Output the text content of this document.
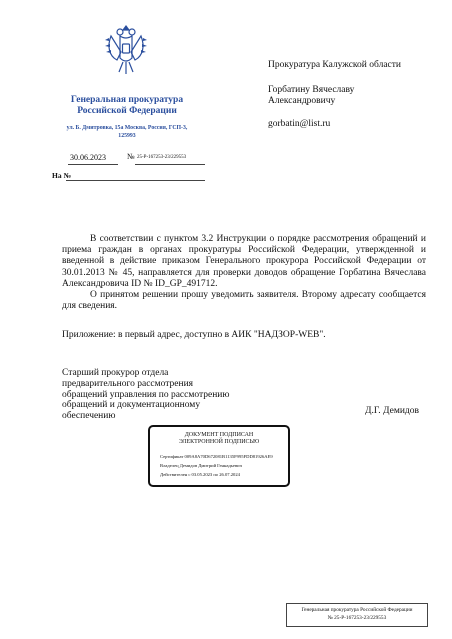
Генеральная прокуратура Российской Федерации
ул. Б. Дмитровка, 15а Москва, Россия, ГСП-3, 125993
30.06.2023	№ 25-Р-167253-23/229553
На №
Прокуратура Калужской области
Горбатину Вячеславу
Александровичу
gorbatin@list.ru

В соответствии с пунктом 3.2 Инструкции о порядке рассмотрения обращений и приема граждан в органах прокуратуры Российской Федерации, утвержденной и введенной в действие приказом Генерального прокурора Российской Федерации от 30.01.2013 № 45, направляется для проверки доводов обращение Горбатина Вячеслава Александровича ID № ID_GP_491712.

О принятом решении прошу уведомить заявителя. Второму адресату сообщается для сведения.

Приложение: в первый адрес, доступно в АИК "НАДЗОР-WEB".
Старший прокурор отдела
предварительного рассмотрения
обращений управления по рассмотрению
обращений и документационному
обеспечению
Д.Г. Демидов
ДОКУМЕНТ ПОДПИСАН
ЭЛЕКТРОННОЙ ПОДПИСЬЮ
Сертификат 009A8A70D672081B1135F995FDD81926AE9
Владелец Демидов Дмитрий Геннадьевич
Действителен с 03.05.2023 по 26.07.2024
Генеральная прокуратура Российской Федерации
№ 25-Р-167253-23/229553
